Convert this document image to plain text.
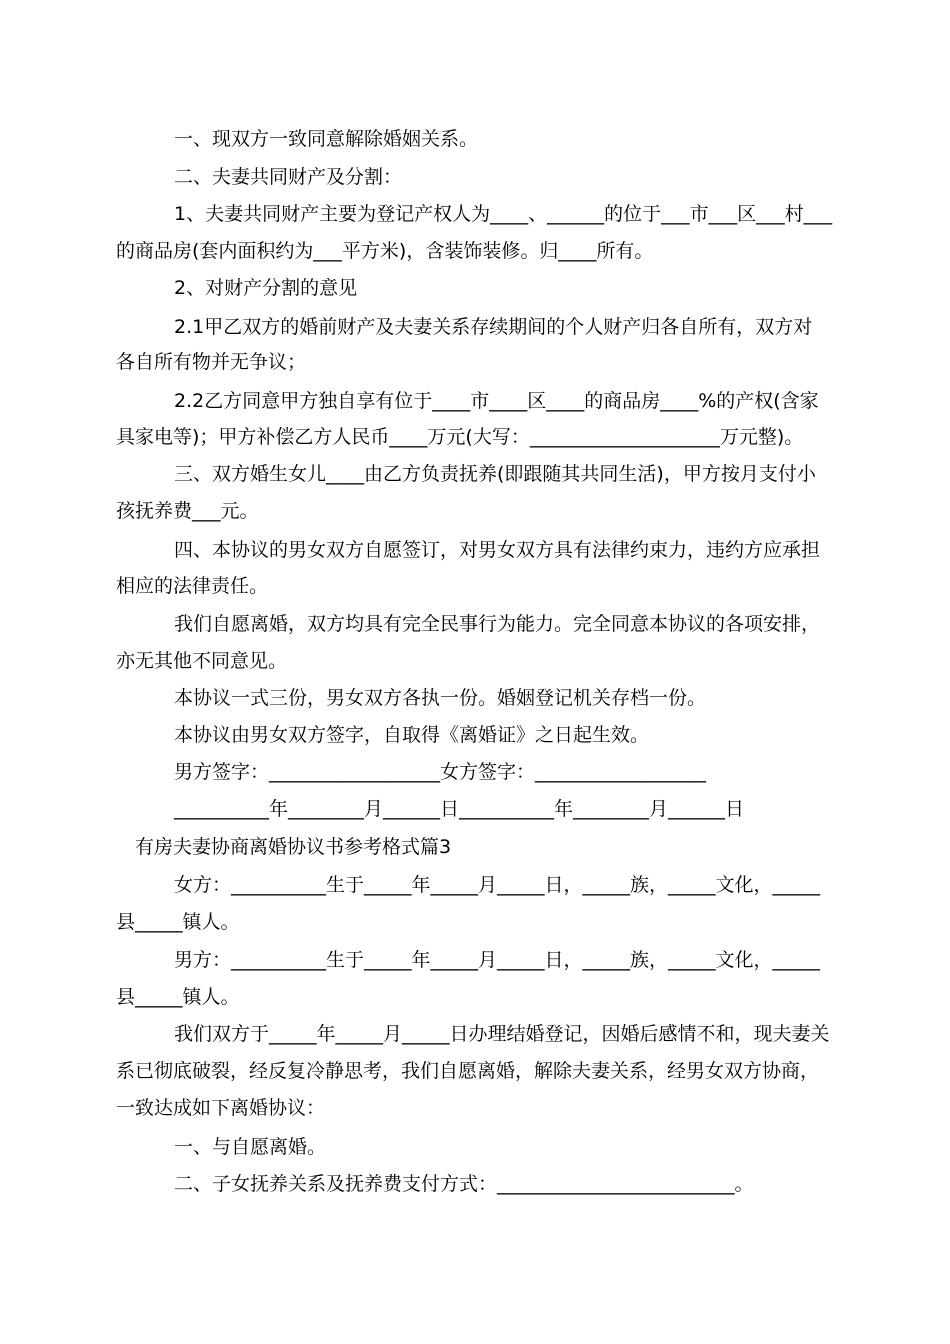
一、现双方一致同意解除婚姻关系。
二、夫妻共同财产及分割：
1、夫妻共同财产主要为登记产权人为____、______的位于___市___区___村___
的商品房(套内面积约为___平方米)，含装饰装修。归____所有。
2、对财产分割的意见
2.1甲乙双方的婚前财产及夫妻关系存续期间的个人财产归各自所有，双方对
各自所有物并无争议；
2.2乙方同意甲方独自享有位于____市____区____的商品房____%的产权(含家
具家电等)；甲方补偿乙方人民币____万元(大写：____________________万元整)。
三、双方婚生女儿____由乙方负责抚养(即跟随其共同生活)，甲方按月支付小
孩抚养费___元。
四、本协议的男女双方自愿签订，对男女双方具有法律约束力，违约方应承担
相应的法律责任。
我们自愿离婚，双方均具有完全民事行为能力。完全同意本协议的各项安排，
亦无其他不同意见。
本协议一式三份，男女双方各执一份。婚姻登记机关存档一份。
本协议由男女双方签字，自取得《离婚证》之日起生效。
男方签字：__________________女方签字：__________________
__________年________月______日__________年________月______日
有房夫妻协商离婚协议书参考格式篇3
女方：__________生于_____年_____月_____日，_____族，_____文化，_____
县_____镇人。
男方：__________生于_____年_____月_____日，_____族，_____文化，_____
县_____镇人。
我们双方于_____年_____月_____日办理结婚登记，因婚后感情不和，现夫妻关
系已彻底破裂，经反复冷静思考，我们自愿离婚，解除夫妻关系，经男女双方协商，
一致达成如下离婚协议：
一、与自愿离婚。
二、子女抚养关系及抚养费支付方式：_________________________。
